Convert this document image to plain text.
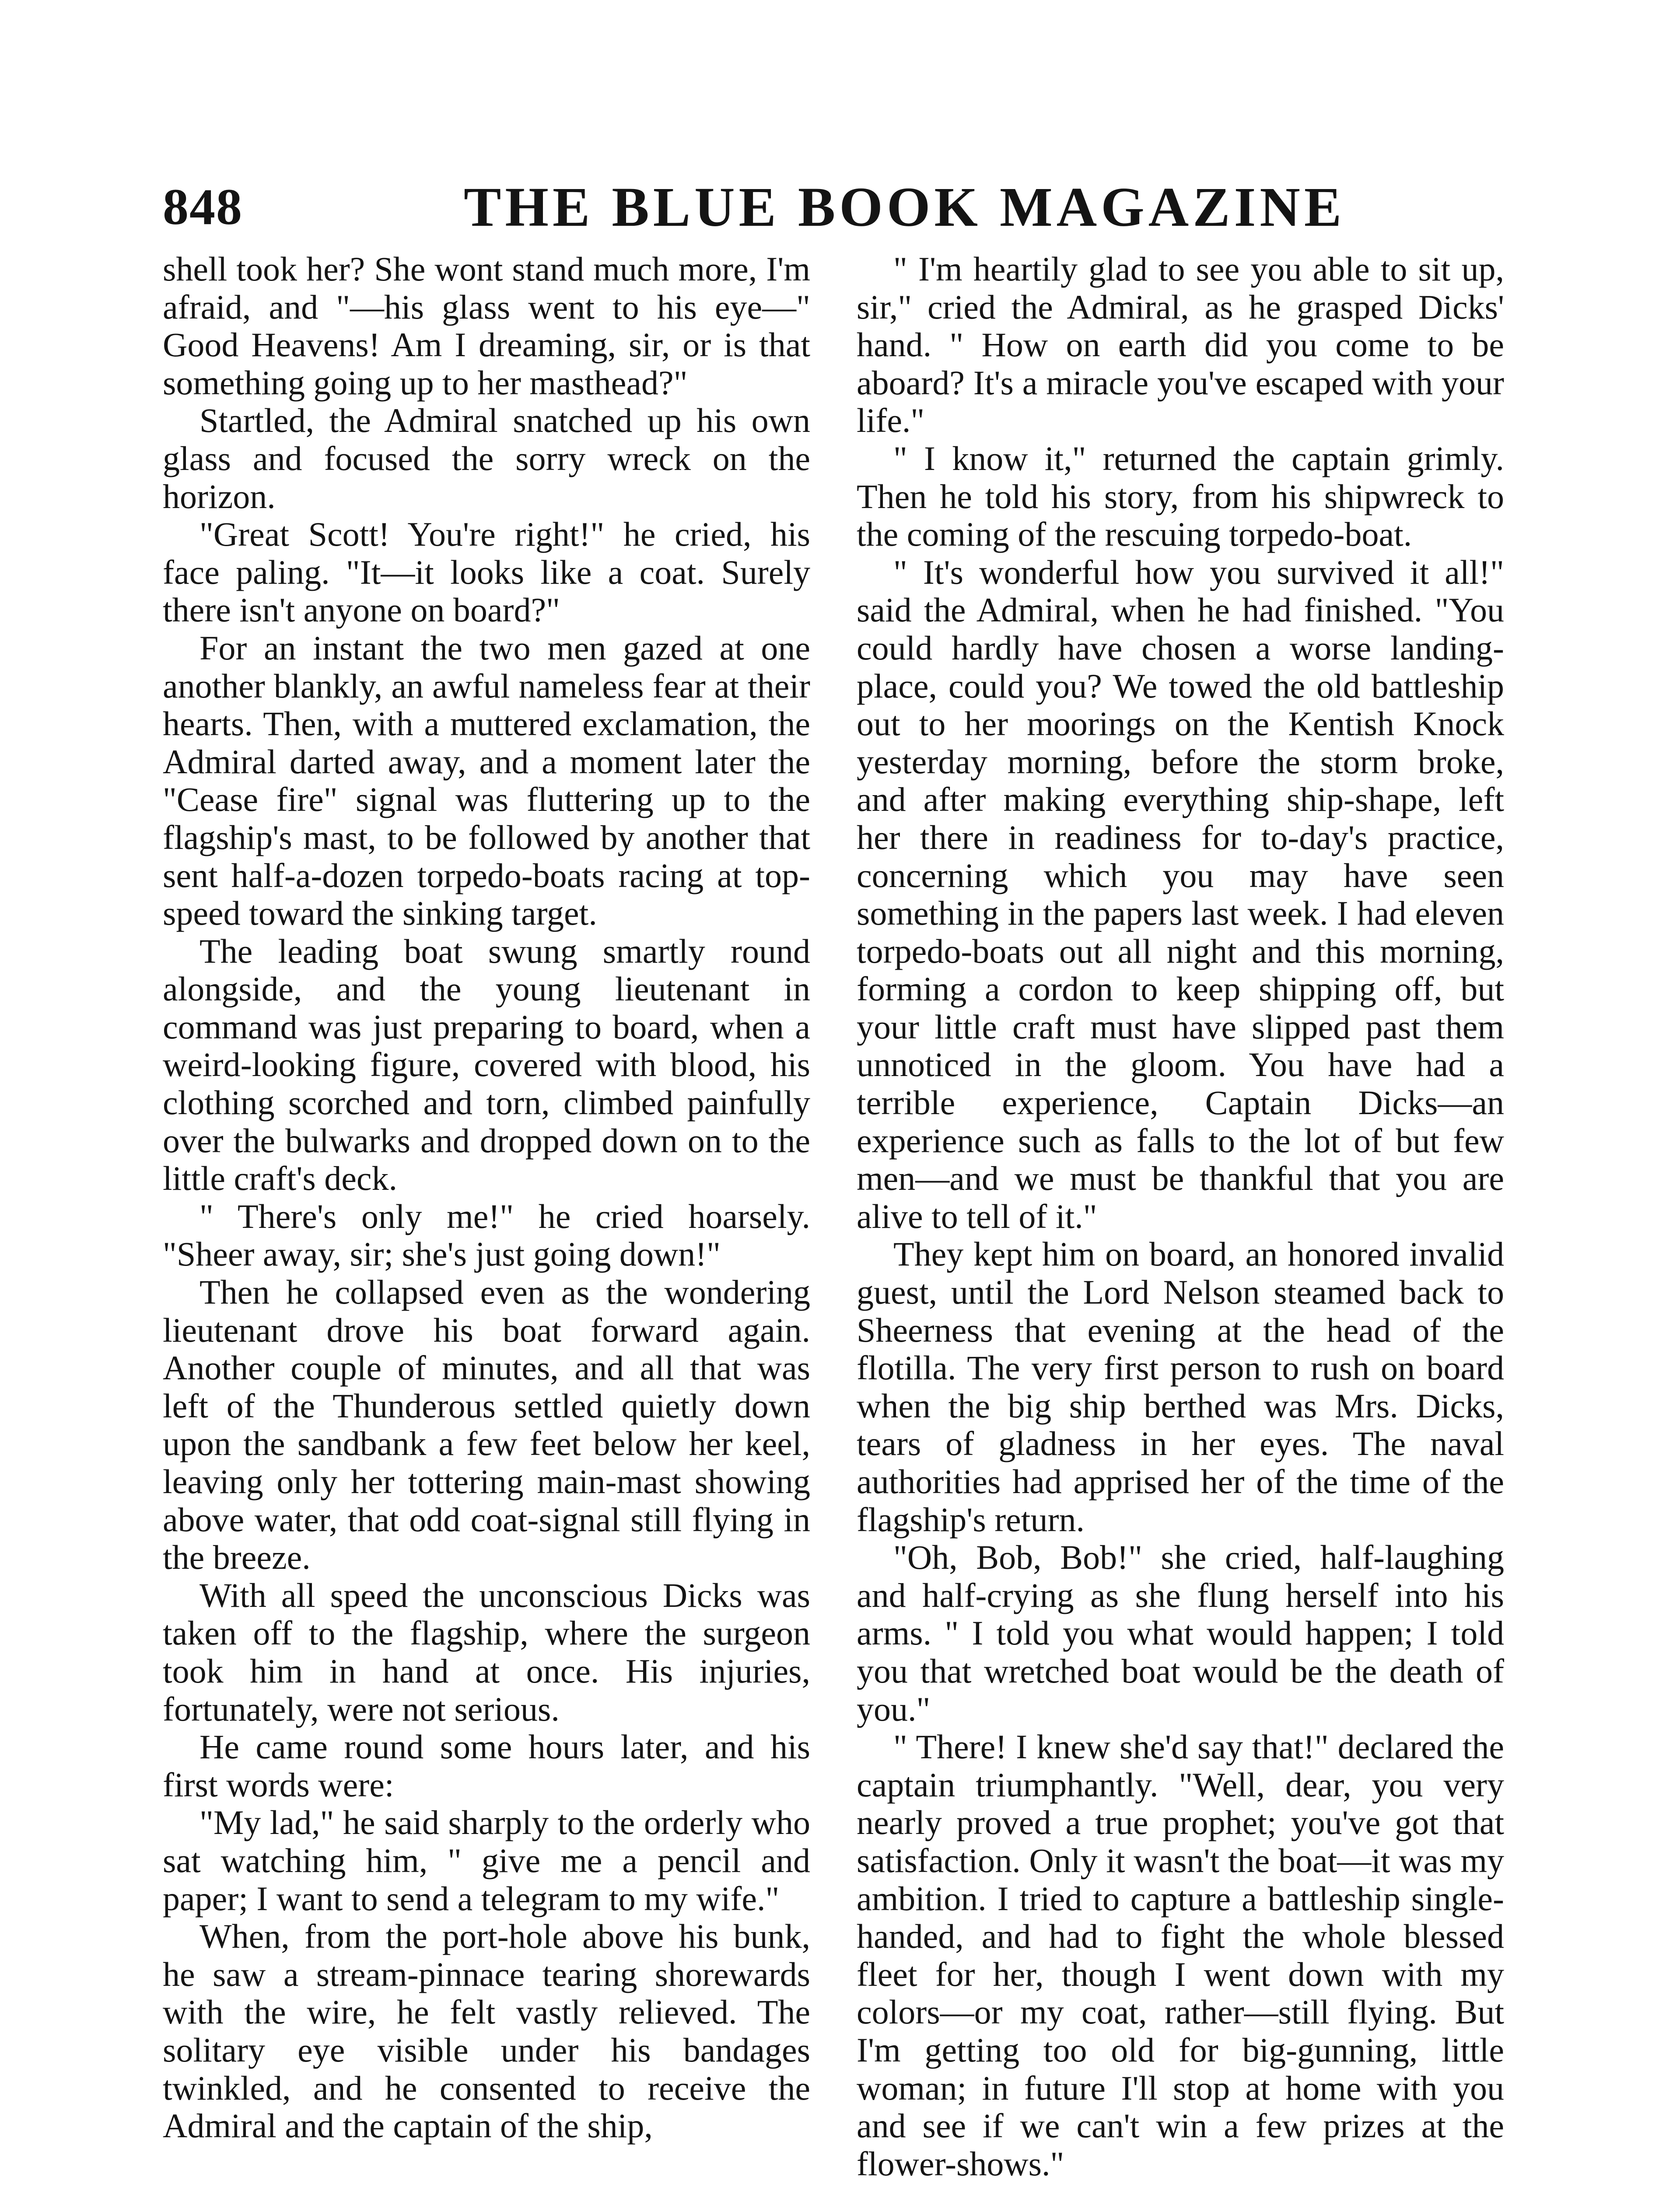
848	THE BLUE BOOK MAGAZINE

shell took her? She wont stand much more, I'm afraid, and "—his glass went to his eye—" Good Heavens! Am I dreaming, sir, or is that something going up to her masthead?"

Startled, the Admiral snatched up his own glass and focused the sorry wreck on the horizon.

"Great Scott! You're right!" he cried, his face paling. "It—it looks like a coat. Surely there isn't anyone on board?"

For an instant the two men gazed at one another blankly, an awful nameless fear at their hearts. Then, with a muttered exclamation, the Admiral darted away, and a moment later the "Cease fire" signal was fluttering up to the flagship's mast, to be followed by another that sent half-a-dozen torpedo-boats racing at top-speed toward the sinking target.

The leading boat swung smartly round alongside, and the young lieutenant in command was just preparing to board, when a weird-looking figure, covered with blood, his clothing scorched and torn, climbed painfully over the bulwarks and dropped down on to the little craft's deck.

" There's only me!" he cried hoarsely. "Sheer away, sir; she's just going down!"

Then he collapsed even as the wondering lieutenant drove his boat forward again. Another couple of minutes, and all that was left of the Thunderous settled quietly down upon the sandbank a few feet below her keel, leaving only her tottering main-mast showing above water, that odd coat-signal still flying in the breeze.

With all speed the unconscious Dicks was taken off to the flagship, where the surgeon took him in hand at once. His injuries, fortunately, were not serious.

He came round some hours later, and his first words were:

"My lad," he said sharply to the orderly who sat watching him, " give me a pencil and paper; I want to send a telegram to my wife."

When, from the port-hole above his bunk, he saw a stream-pinnace tearing shorewards with the wire, he felt vastly relieved. The solitary eye visible under his bandages twinkled, and he consented to receive the Admiral and the captain of the ship,

" I'm heartily glad to see you able to sit up, sir," cried the Admiral, as he grasped Dicks' hand. " How on earth did you come to be aboard? It's a miracle you've escaped with your life."

" I know it," returned the captain grimly. Then he told his story, from his shipwreck to the coming of the rescuing torpedo-boat.

" It's wonderful how you survived it all!" said the Admiral, when he had finished. "You could hardly have chosen a worse landing-place, could you? We towed the old battleship out to her moorings on the Kentish Knock yesterday morning, before the storm broke, and after making everything ship-shape, left her there in readiness for to-day's practice, concerning which you may have seen something in the papers last week. I had eleven torpedo-boats out all night and this morning, forming a cordon to keep shipping off, but your little craft must have slipped past them unnoticed in the gloom. You have had a terrible experience, Captain Dicks—an experience such as falls to the lot of but few men—and we must be thankful that you are alive to tell of it."

They kept him on board, an honored invalid guest, until the Lord Nelson steamed back to Sheerness that evening at the head of the flotilla. The very first person to rush on board when the big ship berthed was Mrs. Dicks, tears of gladness in her eyes. The naval authorities had apprised her of the time of the flagship's return.

"Oh, Bob, Bob!" she cried, half-laughing and half-crying as she flung herself into his arms. " I told you what would happen; I told you that wretched boat would be the death of you."

" There! I knew she'd say that!" declared the captain triumphantly. "Well, dear, you very nearly proved a true prophet; you've got that satisfaction. Only it wasn't the boat—it was my ambition. I tried to capture a battleship single-handed, and had to fight the whole blessed fleet for her, though I went down with my colors—or my coat, rather—still flying. But I'm getting too old for big-gunning, little woman; in future I'll stop at home with you and see if we can't win a few prizes at the flower-shows."
